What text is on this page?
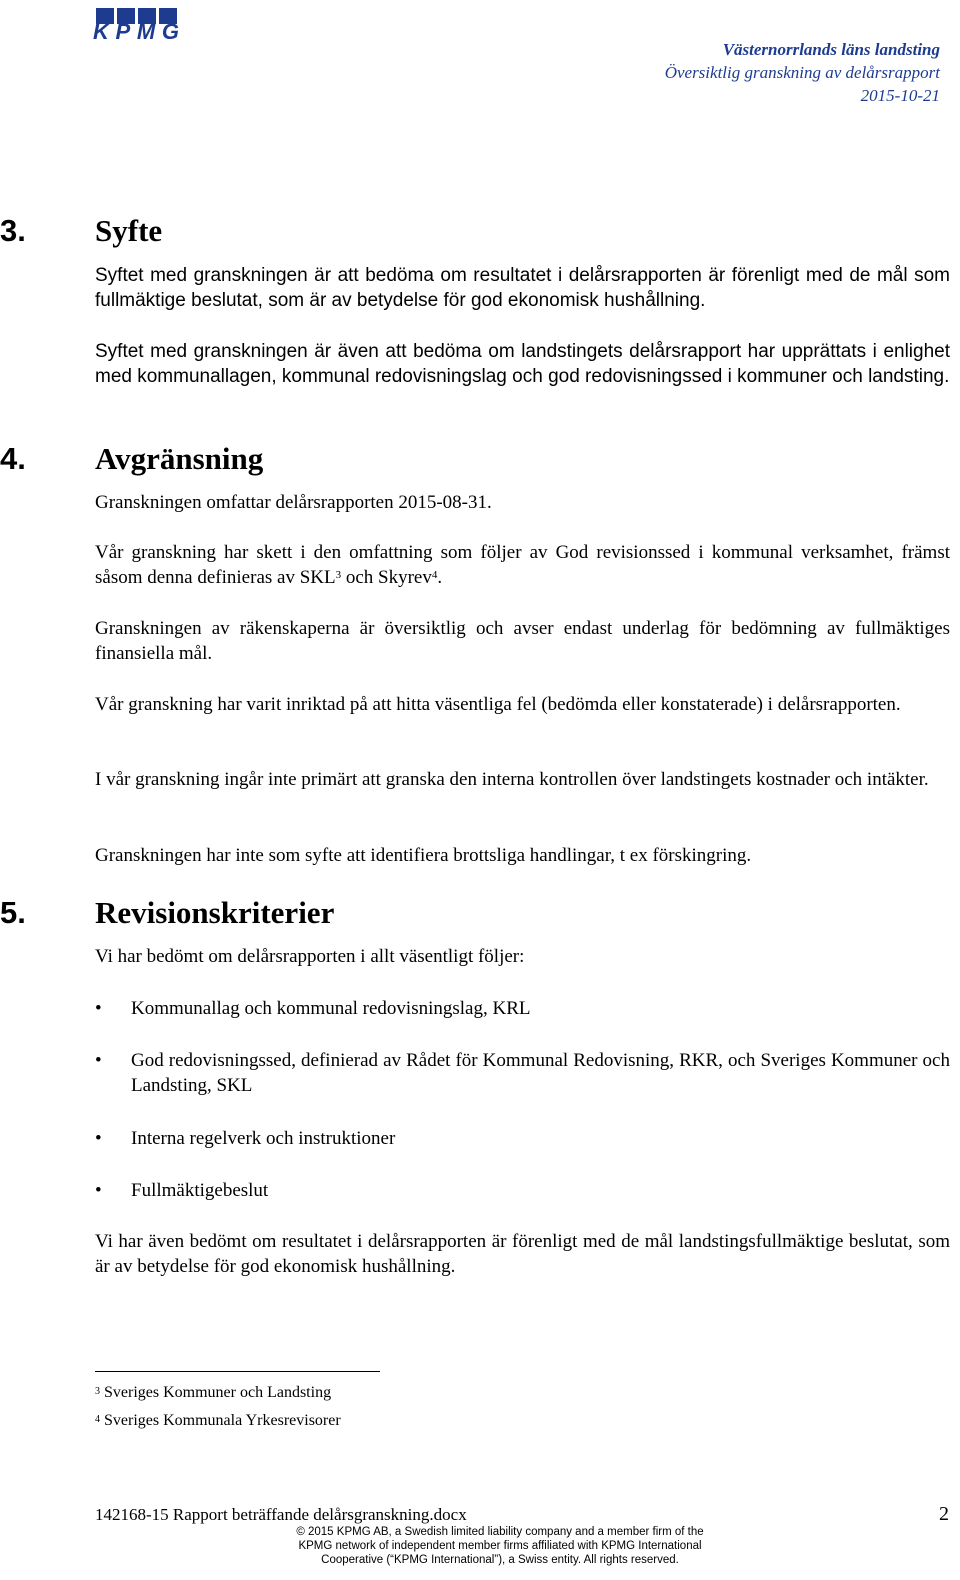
KPMG
Västernorrlands läns landsting
Översiktlig granskning av delårsrapport
2015-10-21
3. Syfte
Syftet med granskningen är att bedöma om resultatet i delårsrapporten är förenligt med de mål som fullmäktige beslutat, som är av betydelse för god ekonomisk hushållning.
Syftet med granskningen är även att bedöma om landstingets delårsrapport har upprättats i enlighet med kommunallagen, kommunal redovisningslag och god redovisningssed i kommuner och landsting.
4. Avgränsning
Granskningen omfattar delårsrapporten 2015-08-31.
Vår granskning har skett i den omfattning som följer av God revisionssed i kommunal verksamhet, främst såsom denna definieras av SKL$^3$ och Skyrev$^4$.
Granskningen av räkenskaperna är översiktlig och avser endast underlag för bedömning av fullmäktiges finansiella mål.
Vår granskning har varit inriktad på att hitta väsentliga fel (bedömda eller konstaterade) i delårsrapporten.
I vår granskning ingår inte primärt att granska den interna kontrollen över landstingets kostnader och intäkter.
Granskningen har inte som syfte att identifiera brottsliga handlingar, t ex förskingring.
5. Revisionskriterier
Vi har bedömt om delårsrapporten i allt väsentligt följer:
• Kommunallag och kommunal redovisningslag, KRL
• God redovisningssed, definierad av Rådet för Kommunal Redovisning, RKR, och Sveriges Kommuner och Landsting, SKL
• Interna regelverk och instruktioner
• Fullmäktigebeslut
Vi har även bedömt om resultatet i delårsrapporten är förenligt med de mål landstingsfullmäktige beslutat, som är av betydelse för god ekonomisk hushållning.
$^3$ Sveriges Kommuner och Landsting
$^4$ Sveriges Kommunala Yrkesrevisorer
142168-15 Rapport beträffande delårsgranskning.docx	2
© 2015 KPMG AB, a Swedish limited liability company and a member firm of the
KPMG network of independent member firms affiliated with KPMG International
Cooperative (“KPMG International”), a Swiss entity. All rights reserved.
